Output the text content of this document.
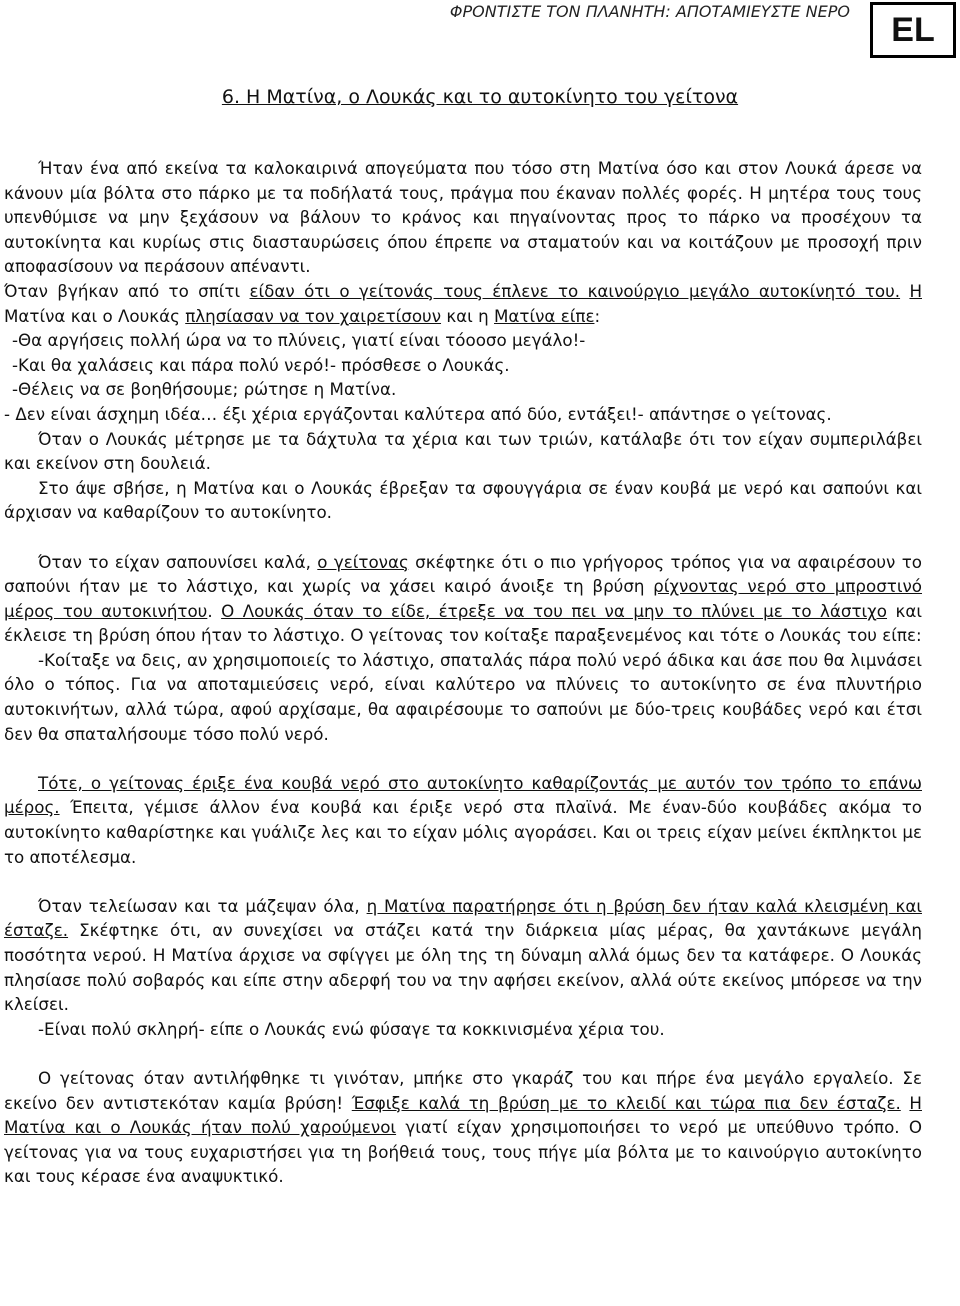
ΦΡΟΝΤΙΣΤΕ ΤΟΝ ΠΛΑΝΗΤΗ: ΑΠΟΤΑΜΙΕΥΣΤΕ ΝΕΡΟ	EL
6. Η Ματίνα, ο Λουκάς και το αυτοκίνητο του γείτονα

Ήταν ένα από εκείνα τα καλοκαιρινά απογεύματα που τόσο στη Ματίνα όσο και στον Λουκά άρεσε να κάνουν μία βόλτα στο πάρκο με τα ποδήλατά τους, πράγμα που έκαναν πολλές φορές. Η μητέρα τους τους υπενθύμισε να μην ξεχάσουν να βάλουν το κράνος και πηγαίνοντας προς το πάρκο να προσέχουν τα αυτοκίνητα και κυρίως στις διασταυρώσεις όπου έπρεπε να σταματούν και να κοιτάζουν με προσοχή πριν αποφασίσουν να περάσουν απέναντι.

Όταν βγήκαν από το σπίτι είδαν ότι ο γείτονάς τους έπλενε το καινούργιο μεγάλο αυτοκίνητό του. Η Ματίνα και ο Λουκάς πλησίασαν να τον χαιρετίσουν και η Ματίνα είπε:

-Θα αργήσεις πολλή ώρα να το πλύνεις, γιατί είναι τόοοσο μεγάλο!-

-Και θα χαλάσεις και πάρα πολύ νερό!- πρόσθεσε ο Λουκάς.

-Θέλεις να σε βοηθήσουμε; ρώτησε η Ματίνα.

- Δεν είναι άσχημη ιδέα… έξι χέρια εργάζονται καλύτερα από δύο, εντάξει!- απάντησε ο γείτονας.

Όταν ο Λουκάς μέτρησε με τα δάχτυλα τα χέρια και των τριών, κατάλαβε ότι τον είχαν συμπεριλάβει και εκείνον στη δουλειά.

Στο άψε σβήσε, η Ματίνα και ο Λουκάς έβρεξαν τα σφουγγάρια σε έναν κουβά με νερό και σαπούνι και άρχισαν να καθαρίζουν το αυτοκίνητο.

Όταν το είχαν σαπουνίσει καλά, ο γείτονας σκέφτηκε ότι ο πιο γρήγορος τρόπος για να αφαιρέσουν το σαπούνι ήταν με το λάστιχο, και χωρίς να χάσει καιρό άνοιξε τη βρύση ρίχνοντας νερό στο μπροστινό μέρος του αυτοκινήτου. Ο Λουκάς όταν το είδε, έτρεξε να του πει να μην το πλύνει με το λάστιχο και έκλεισε τη βρύση όπου ήταν το λάστιχο. Ο γείτονας τον κοίταξε παραξενεμένος και τότε ο Λουκάς του είπε:

-Κοίταξε να δεις, αν χρησιμοποιείς το λάστιχο, σπαταλάς πάρα πολύ νερό άδικα και άσε που θα λιμνάσει όλο ο τόπος. Για να αποταμιεύσεις νερό, είναι καλύτερο να πλύνεις το αυτοκίνητο σε ένα πλυντήριο αυτοκινήτων, αλλά τώρα, αφού αρχίσαμε, θα αφαιρέσουμε το σαπούνι με δύο-τρεις κουβάδες νερό και έτσι δεν θα σπαταλήσουμε τόσο πολύ νερό.

Τότε, ο γείτονας έριξε ένα κουβά νερό στο αυτοκίνητο καθαρίζοντάς με αυτόν τον τρόπο το επάνω μέρος. Έπειτα, γέμισε άλλον ένα κουβά και έριξε νερό στα πλαϊνά. Με έναν-δύο κουβάδες ακόμα το αυτοκίνητο καθαρίστηκε και γυάλιζε λες και το είχαν μόλις αγοράσει. Και οι τρεις είχαν μείνει έκπληκτοι με το αποτέλεσμα.

Όταν τελείωσαν και τα μάζεψαν όλα, η Ματίνα παρατήρησε ότι η βρύση δεν ήταν καλά κλεισμένη και έσταζε. Σκέφτηκε ότι, αν συνεχίσει να στάζει κατά την διάρκεια μίας μέρας, θα χαντάκωνε μεγάλη ποσότητα νερού. Η Ματίνα άρχισε να σφίγγει με όλη της τη δύναμη αλλά όμως δεν τα κατάφερε. Ο Λουκάς πλησίασε πολύ σοβαρός και είπε στην αδερφή του να την αφήσει εκείνον, αλλά ούτε εκείνος μπόρεσε να την κλείσει.

-Είναι πολύ σκληρή- είπε ο Λουκάς ενώ φύσαγε τα κοκκινισμένα χέρια του.

Ο γείτονας όταν αντιλήφθηκε τι γινόταν, μπήκε στο γκαράζ του και πήρε ένα μεγάλο εργαλείο. Σε εκείνο δεν αντιστεκόταν καμία βρύση! Έσφιξε καλά τη βρύση με το κλειδί και τώρα πια δεν έσταζε. Η Ματίνα και ο Λουκάς ήταν πολύ χαρούμενοι γιατί είχαν χρησιμοποιήσει το νερό με υπεύθυνο τρόπο. Ο γείτονας για να τους ευχαριστήσει για τη βοήθειά τους, τους πήγε μία βόλτα με το καινούργιο αυτοκίνητο και τους κέρασε ένα αναψυκτικό.
